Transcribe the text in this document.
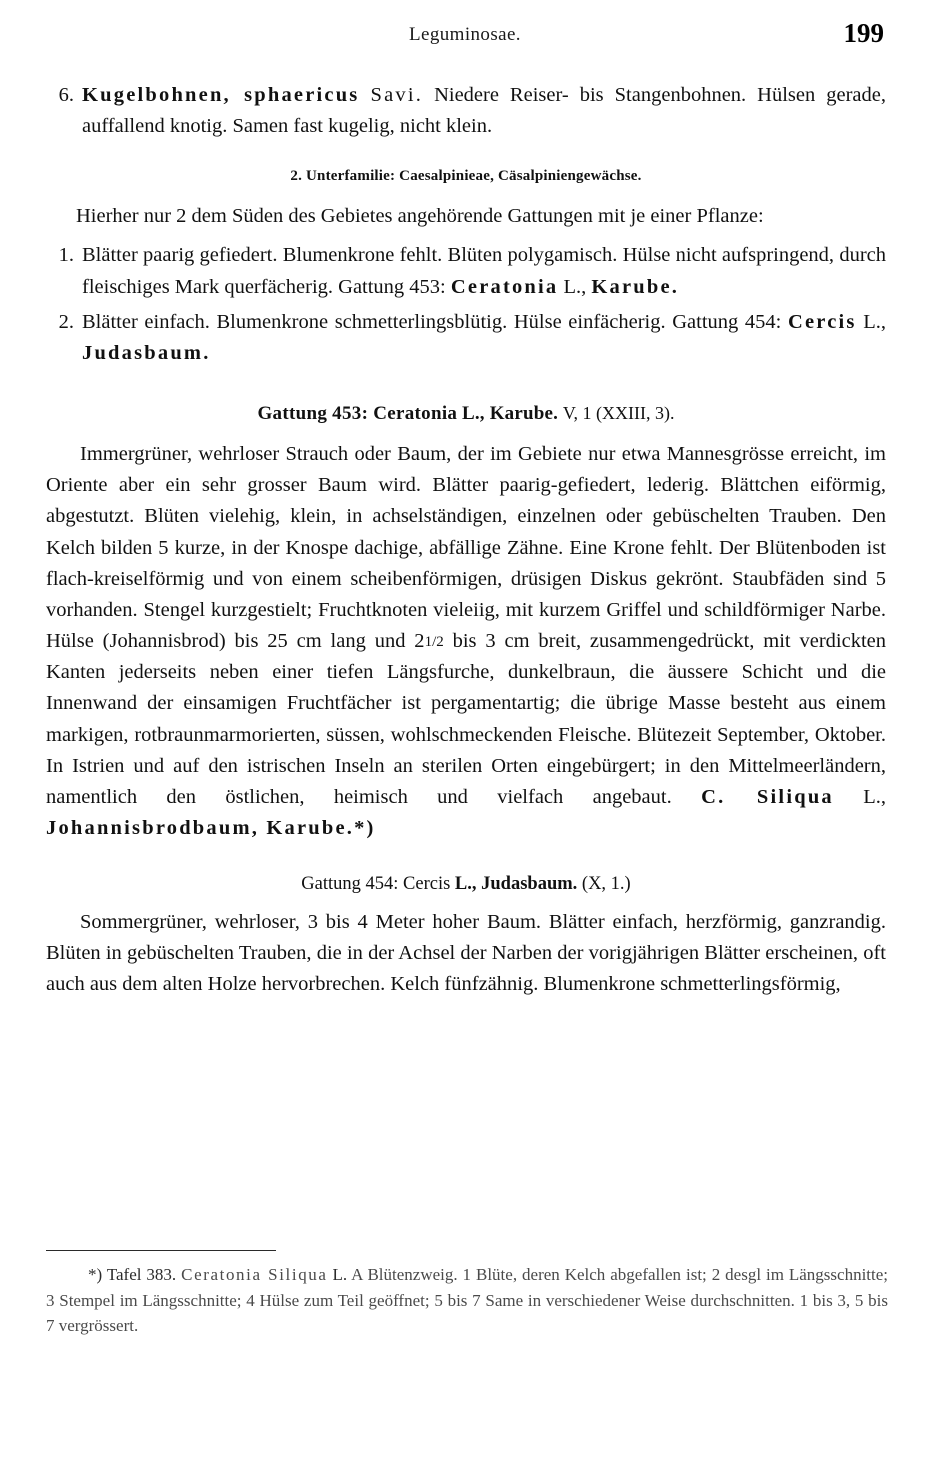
Leguminosae.	199
6. Kugelbohnen, sphaericus Savi. Niedere Reiser- bis Stangenbohnen. Hülsen gerade, auffallend knotig. Samen fast kugelig, nicht klein.
2. Unterfamilie: Caesalpinieae, Cäsalpiniengewächse.

Hierher nur 2 dem Süden des Gebietes angehörende Gattungen mit je einer Pflanze:

1. Blätter paarig gefiedert. Blumenkrone fehlt. Blüten polygamisch. Hülse nicht aufspringend, durch fleischiges Mark querfächerig. Gattung 453: Ceratonia L., Karube.
2. Blätter einfach. Blumenkrone schmetterlingsblütig. Hülse einfächerig. Gattung 454: Cercis L., Judasbaum.
Gattung 453: Ceratonia L., Karube. V, 1 (XXIII, 3).

Immergrüner, wehrloser Strauch oder Baum, der im Gebiete nur etwa Mannesgrösse erreicht, im Oriente aber ein sehr grosser Baum wird. Blätter paarig-gefiedert, lederig. Blättchen eiförmig, abgestutzt. Blüten vielehig, klein, in achselständigen, einzelnen oder gebüschelten Trauben. Den Kelch bilden 5 kurze, in der Knospe dachige, abfällige Zähne. Eine Krone fehlt. Der Blütenboden ist flach-kreiselförmig und von einem scheibenförmigen, drüsigen Diskus gekrönt. Staubfäden sind 5 vorhanden. Stengel kurzgestielt; Fruchtknoten vieleiig, mit kurzem Griffel und schildförmiger Narbe. Hülse (Johannisbrod) bis 25 cm lang und 21/2 bis 3 cm breit, zusammengedrückt, mit verdickten Kanten jederseits neben einer tiefen Längsfurche, dunkelbraun, die äussere Schicht und die Innenwand der einsamigen Fruchtfächer ist pergamentartig; die übrige Masse besteht aus einem markigen, rotbraunmarmorierten, süssen, wohlschmeckenden Fleische. Blütezeit September, Oktober. In Istrien und auf den istrischen Inseln an sterilen Orten eingebürgert; in den Mittelmeerländern, namentlich den östlichen, heimisch und vielfach angebaut. C. Siliqua L., Johannisbrodbaum, Karube.*)

Gattung 454: Cercis L., Judasbaum. (X, 1.)

Sommergrüner, wehrloser, 3 bis 4 Meter hoher Baum. Blätter einfach, herzförmig, ganzrandig. Blüten in gebüschelten Trauben, die in der Achsel der Narben der vorigjährigen Blätter erscheinen, oft auch aus dem alten Holze hervorbrechen. Kelch fünfzähnig. Blumenkrone schmetterlingsförmig,

*) Tafel 383. Ceratonia Siliqua L. A Blütenzweig. 1 Blüte, deren Kelch abgefallen ist; 2 desgl im Längsschnitte; 3 Stempel im Längsschnitte; 4 Hülse zum Teil geöffnet; 5 bis 7 Same in verschiedener Weise durchschnitten. 1 bis 3, 5 bis 7 vergrössert.
